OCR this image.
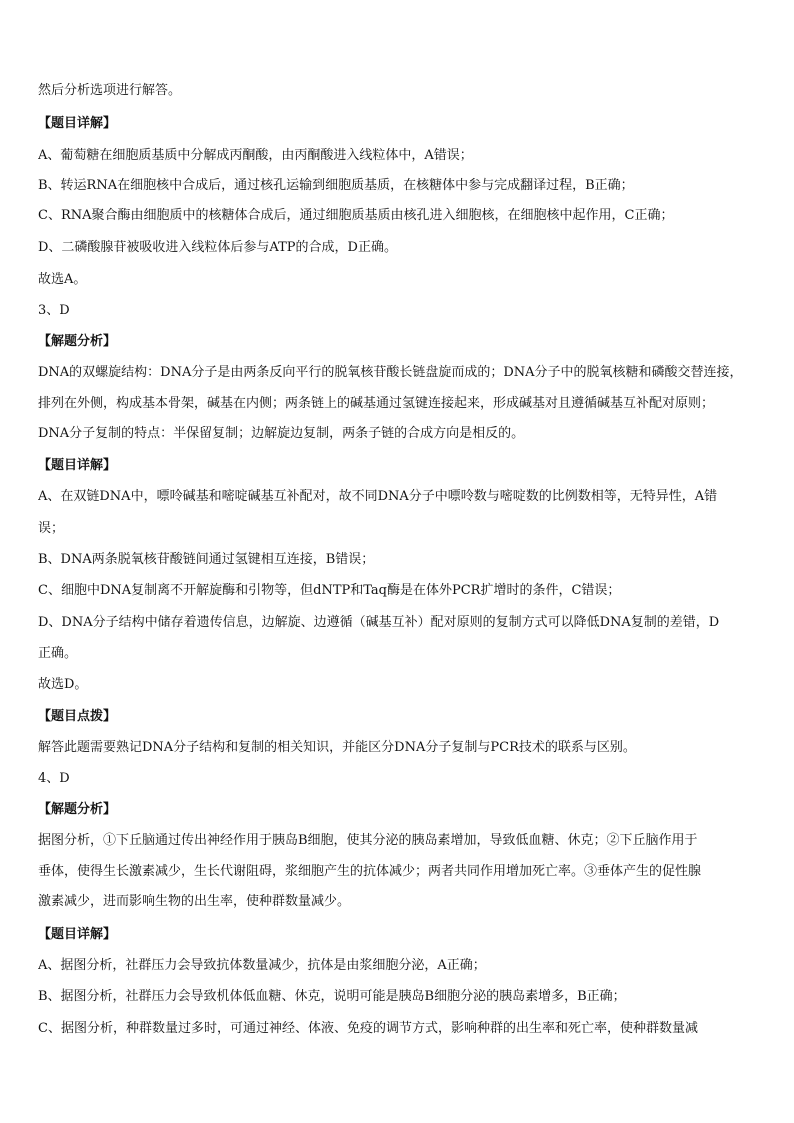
然后分析选项进行解答。
【题目详解】
A、葡萄糖在细胞质基质中分解成丙酮酸，由丙酮酸进入线粒体中，A错误；
B、转运RNA在细胞核中合成后，通过核孔运输到细胞质基质，在核糖体中参与完成翻译过程，B正确；
C、RNA聚合酶由细胞质中的核糖体合成后，通过细胞质基质由核孔进入细胞核，在细胞核中起作用，C正确；
D、二磷酸腺苷被吸收进入线粒体后参与ATP的合成，D正确。
故选A。
3、D
【解题分析】
DNA的双螺旋结构：DNA分子是由两条反向平行的脱氧核苷酸长链盘旋而成的；DNA分子中的脱氧核糖和磷酸交替连接，
排列在外侧，构成基本骨架，碱基在内侧；两条链上的碱基通过氢键连接起来，形成碱基对且遵循碱基互补配对原则；
DNA分子复制的特点：半保留复制；边解旋边复制，两条子链的合成方向是相反的。
【题目详解】
A、在双链DNA中，嘌呤碱基和嘧啶碱基互补配对，故不同DNA分子中嘌呤数与嘧啶数的比例数相等，无特异性，A错
误；
B、DNA两条脱氧核苷酸链间通过氢键相互连接，B错误；
C、细胞中DNA复制离不开解旋酶和引物等，但dNTP和Taq酶是在体外PCR扩增时的条件，C错误；
D、DNA分子结构中储存着遗传信息，边解旋、边遵循（碱基互补）配对原则的复制方式可以降低DNA复制的差错，D
正确。
故选D。
【题目点拨】
解答此题需要熟记DNA分子结构和复制的相关知识，并能区分DNA分子复制与PCR技术的联系与区别。
4、D
【解题分析】
据图分析，①下丘脑通过传出神经作用于胰岛B细胞，使其分泌的胰岛素增加，导致低血糖、休克；②下丘脑作用于
垂体，使得生长激素减少，生长代谢阻碍，浆细胞产生的抗体减少；两者共同作用增加死亡率。③垂体产生的促性腺
激素减少，进而影响生物的出生率，使种群数量减少。
【题目详解】
A、据图分析，社群压力会导致抗体数量减少，抗体是由浆细胞分泌，A正确；
B、据图分析，社群压力会导致机体低血糖、休克，说明可能是胰岛B细胞分泌的胰岛素增多，B正确；
C、据图分析，种群数量过多时，可通过神经、体液、免疫的调节方式，影响种群的出生率和死亡率，使种群数量减
